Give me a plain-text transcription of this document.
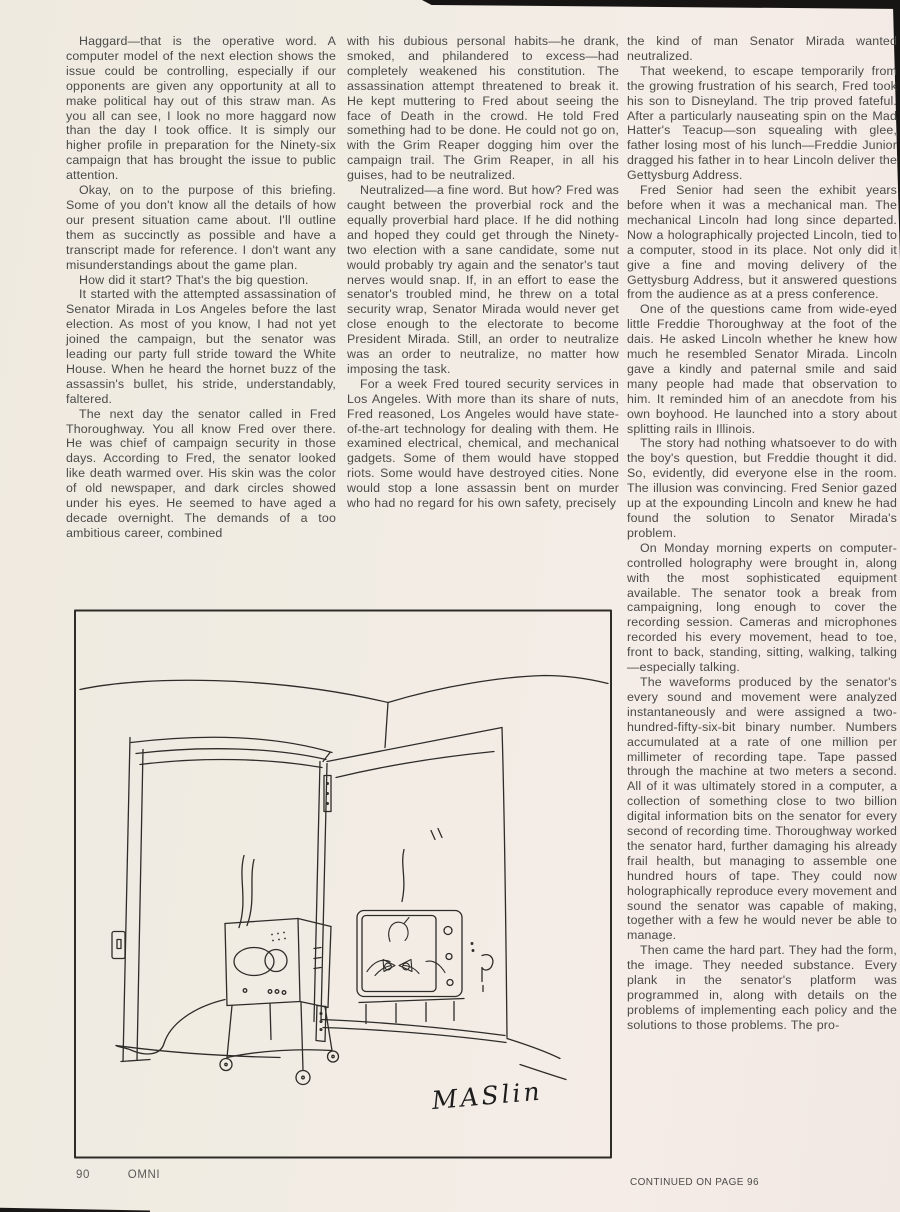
Haggard—that is the operative word. A computer model of the next election shows the issue could be controlling, especially if our opponents are given any opportunity at all to make political hay out of this straw man. As you all can see, I look no more haggard now than the day I took office. It is simply our higher profile in preparation for the Ninety-six campaign that has brought the issue to public attention.

Okay, on to the purpose of this briefing. Some of you don't know all the details of how our present situation came about. I'll outline them as succinctly as possible and have a transcript made for reference. I don't want any misunderstandings about the game plan.

How did it start? That's the big question.

It started with the attempted assassination of Senator Mirada in Los Angeles before the last election. As most of you know, I had not yet joined the campaign, but the senator was leading our party full stride toward the White House. When he heard the hornet buzz of the assassin's bullet, his stride, understandably, faltered.

The next day the senator called in Fred Thoroughway. You all know Fred over there. He was chief of campaign security in those days. According to Fred, the senator looked like death warmed over. His skin was the color of old newspaper, and dark circles showed under his eyes. He seemed to have aged a decade overnight. The demands of a too ambitious career, combined

with his dubious personal habits—he drank, smoked, and philandered to excess—had completely weakened his constitution. The assassination attempt threatened to break it. He kept muttering to Fred about seeing the face of Death in the crowd. He told Fred something had to be done. He could not go on, with the Grim Reaper dogging him over the campaign trail. The Grim Reaper, in all his guises, had to be neutralized.

Neutralized—a fine word. But how? Fred was caught between the proverbial rock and the equally proverbial hard place. If he did nothing and hoped they could get through the Ninety-two election with a sane candidate, some nut would probably try again and the senator's taut nerves would snap. If, in an effort to ease the senator's troubled mind, he threw on a total security wrap, Senator Mirada would never get close enough to the electorate to become President Mirada. Still, an order to neutralize was an order to neutralize, no matter how imposing the task.

For a week Fred toured security services in Los Angeles. With more than its share of nuts, Fred reasoned, Los Angeles would have state-of-the-art technology for dealing with them. He examined electrical, chemical, and mechanical gadgets. Some of them would have stopped riots. Some would have destroyed cities. None would stop a lone assassin bent on murder who had no regard for his own safety, precisely

the kind of man Senator Mirada wanted neutralized.

That weekend, to escape temporarily from the growing frustration of his search, Fred took his son to Disneyland. The trip proved fateful. After a particularly nauseating spin on the Mad Hatter's Teacup—son squealing with glee, father losing most of his lunch—Freddie Junior dragged his father in to hear Lincoln deliver the Gettysburg Address.

Fred Senior had seen the exhibit years before when it was a mechanical man. The mechanical Lincoln had long since departed. Now a holographically projected Lincoln, tied to a computer, stood in its place. Not only did it give a fine and moving delivery of the Gettysburg Address, but it answered questions from the audience as at a press conference.

One of the questions came from wide-eyed little Freddie Thoroughway at the foot of the dais. He asked Lincoln whether he knew how much he resembled Senator Mirada. Lincoln gave a kindly and paternal smile and said many people had made that observation to him. It reminded him of an anecdote from his own boyhood. He launched into a story about splitting rails in Illinois.

The story had nothing whatsoever to do with the boy's question, but Freddie thought it did. So, evidently, did everyone else in the room. The illusion was convincing. Fred Senior gazed up at the expounding Lincoln and knew he had found the solution to Senator Mirada's problem.

On Monday morning experts on computer-controlled holography were brought in, along with the most sophisticated equipment available. The senator took a break from campaigning, long enough to cover the recording session. Cameras and microphones recorded his every movement, head to toe, front to back, standing, sitting, walking, talking—especially talking.

The waveforms produced by the senator's every sound and movement were analyzed instantaneously and were assigned a two-hundred-fifty-six-bit binary number. Numbers accumulated at a rate of one million per millimeter of recording tape. Tape passed through the machine at two meters a second. All of it was ultimately stored in a computer, a collection of something close to two billion digital information bits on the senator for every second of recording time. Thoroughway worked the senator hard, further damaging his already frail health, but managing to assemble one hundred hours of tape. They could now holographically reproduce every movement and sound the senator was capable of making, together with a few he would never be able to manage.

Then came the hard part. They had the form, the image. They needed substance. Every plank in the senator's platform was programmed in, along with details on the problems of implementing each policy and the solutions to those problems. The pro-

MASlin
90	OMNI
CONTINUED ON PAGE 96
